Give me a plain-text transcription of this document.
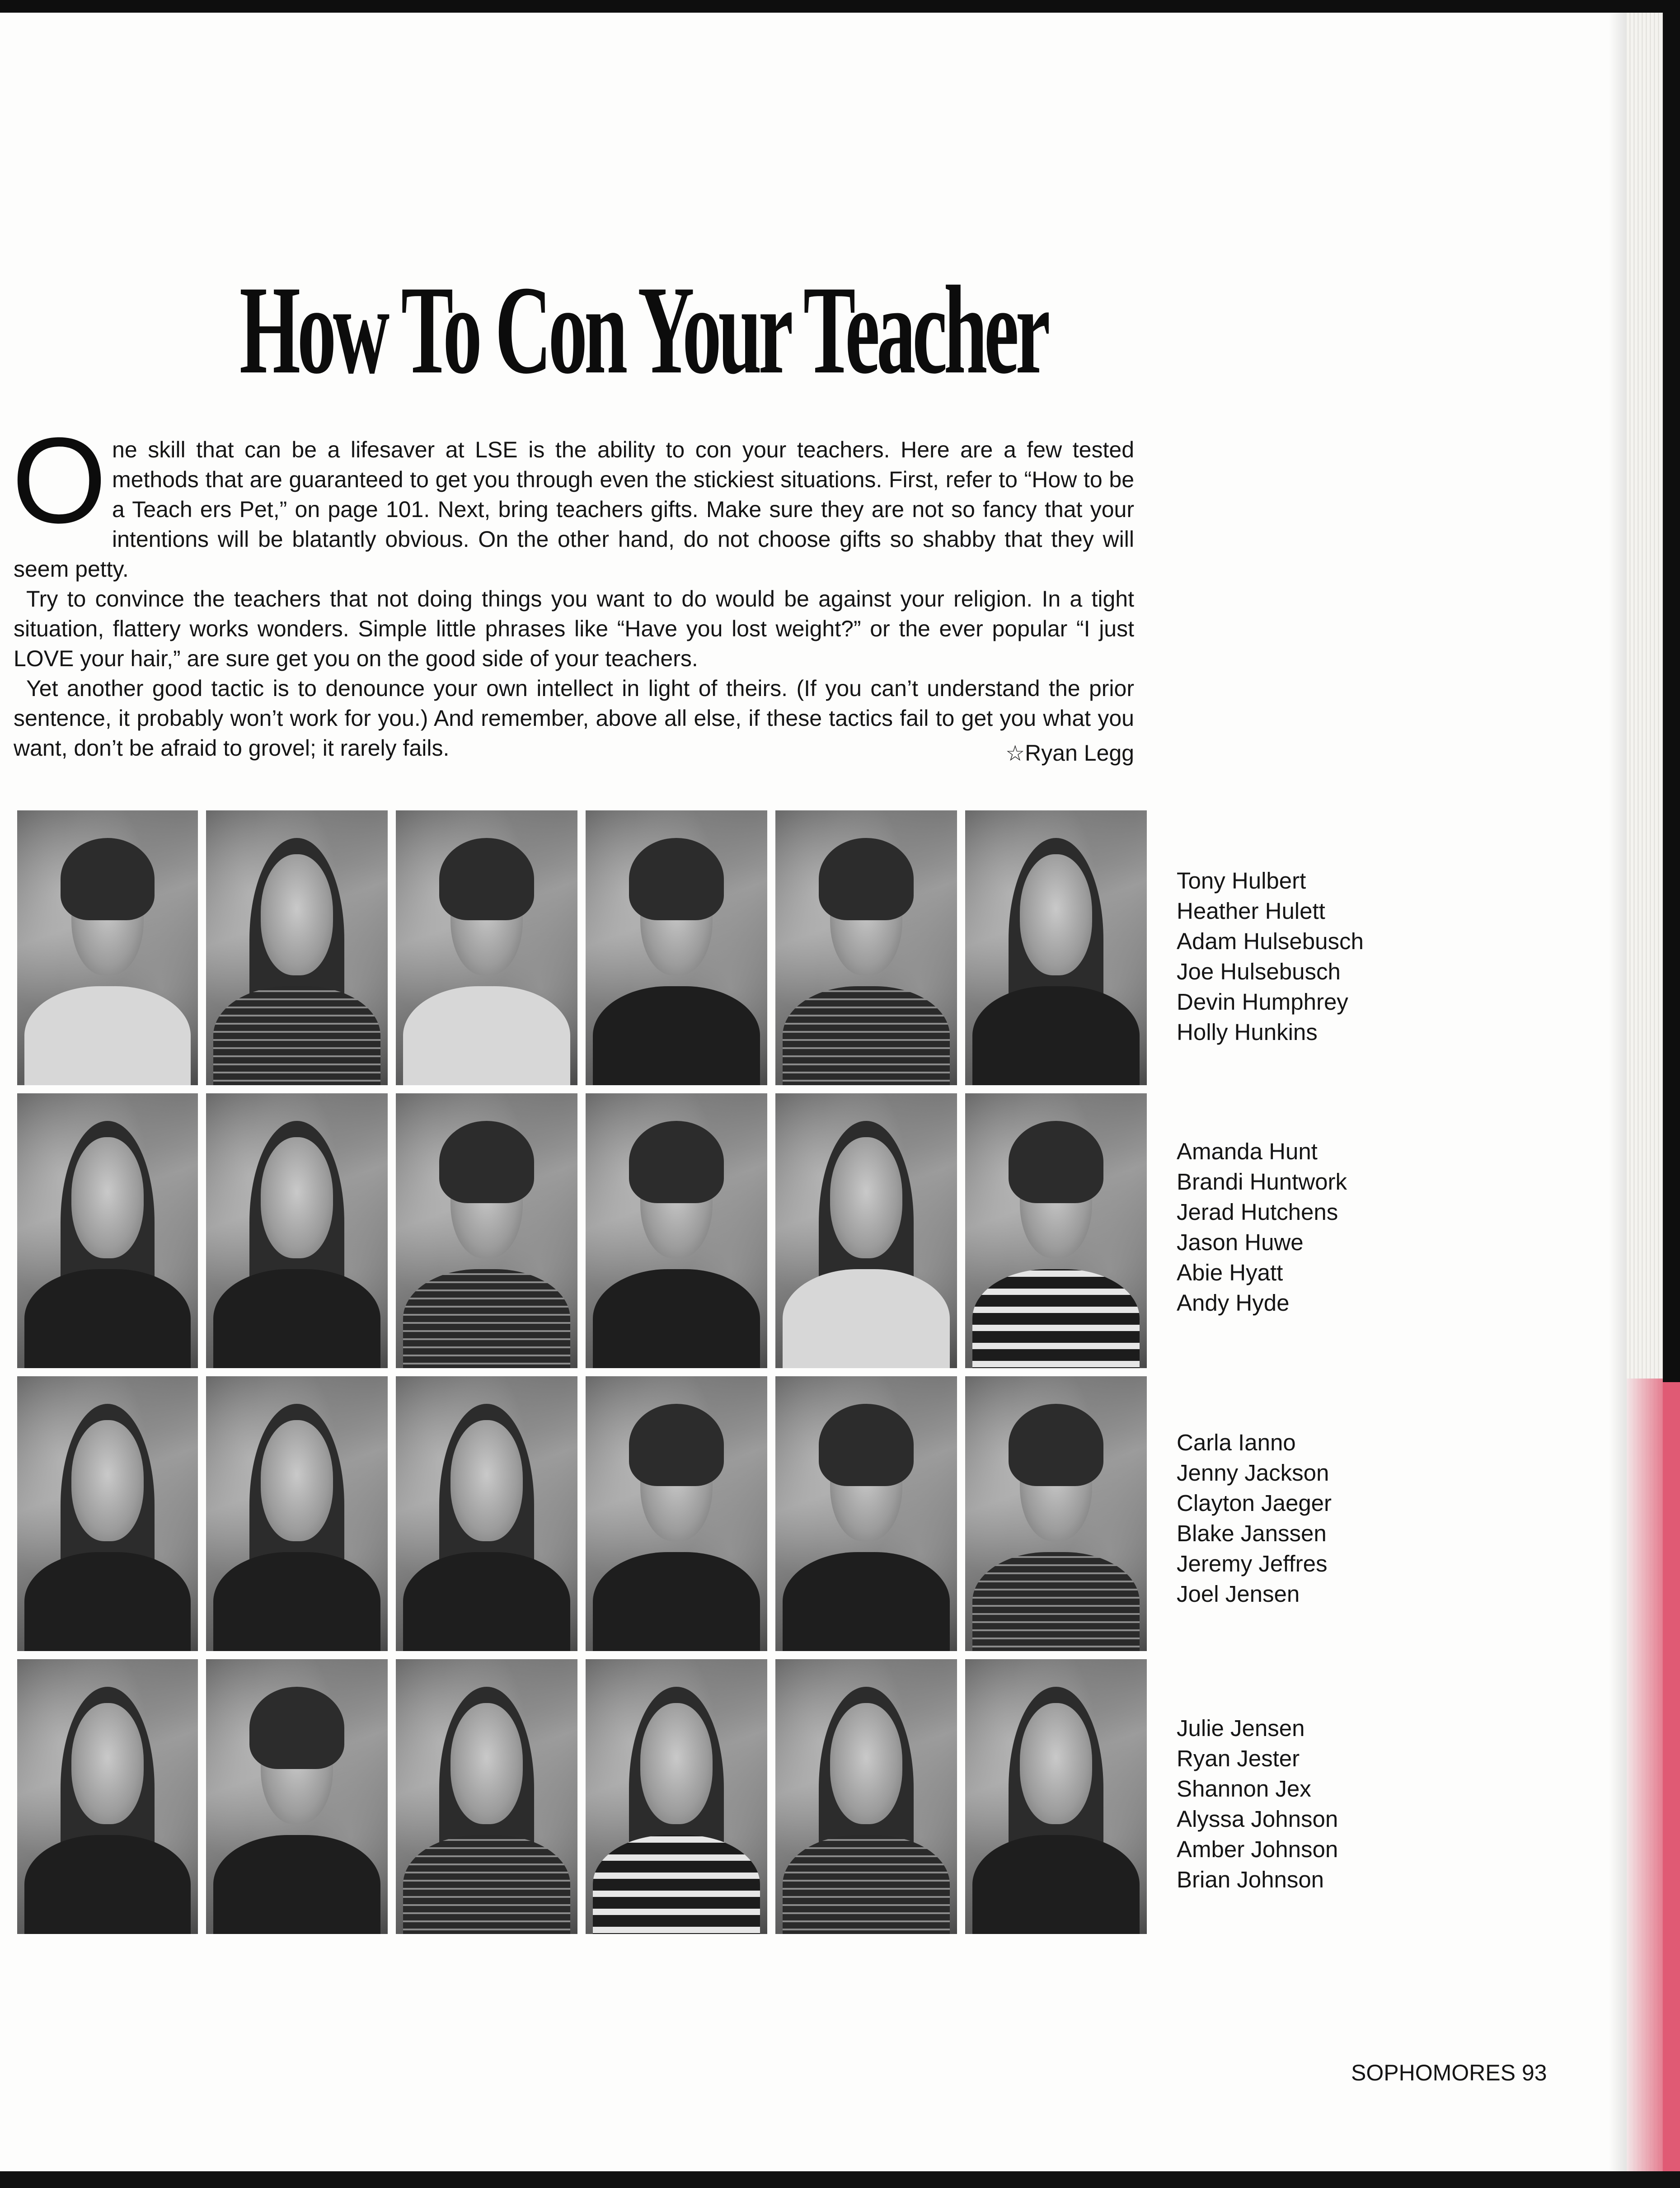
How To Con Your Teacher

One skill that can be a lifesaver at LSE is the ability to con your teachers. Here are a few tested methods that are guaranteed to get you through even the stickiest situations. First, refer to “How to be a Teach ers Pet,” on page 101. Next, bring teachers gifts. Make sure they are not so fancy that your intentions will be blatantly obvious. On the other hand, do not choose gifts so shabby that they will seem petty.

Try to convince the teachers that not doing things you want to do would be against your religion. In a tight situation, flattery works wonders. Simple little phrases like “Have you lost weight?” or the ever popular “I just LOVE your hair,” are sure get you on the good side of your teachers.

Yet another good tactic is to denounce your own intellect in light of theirs. (If you can’t understand the prior sentence, it probably won’t work for you.) And remember, above all else, if these tactics fail to get you what you want, don’t be afraid to grovel; it rarely fails.	☆Ryan Legg
Tony Hulbert
Heather Hulett
Adam Hulsebusch
Joe Hulsebusch
Devin Humphrey
Holly Hunkins
Amanda Hunt
Brandi Huntwork
Jerad Hutchens
Jason Huwe
Abie Hyatt
Andy Hyde
Carla Ianno
Jenny Jackson
Clayton Jaeger
Blake Janssen
Jeremy Jeffres
Joel Jensen
Julie Jensen
Ryan Jester
Shannon Jex
Alyssa Johnson
Amber Johnson
Brian Johnson
SOPHOMORES 93
